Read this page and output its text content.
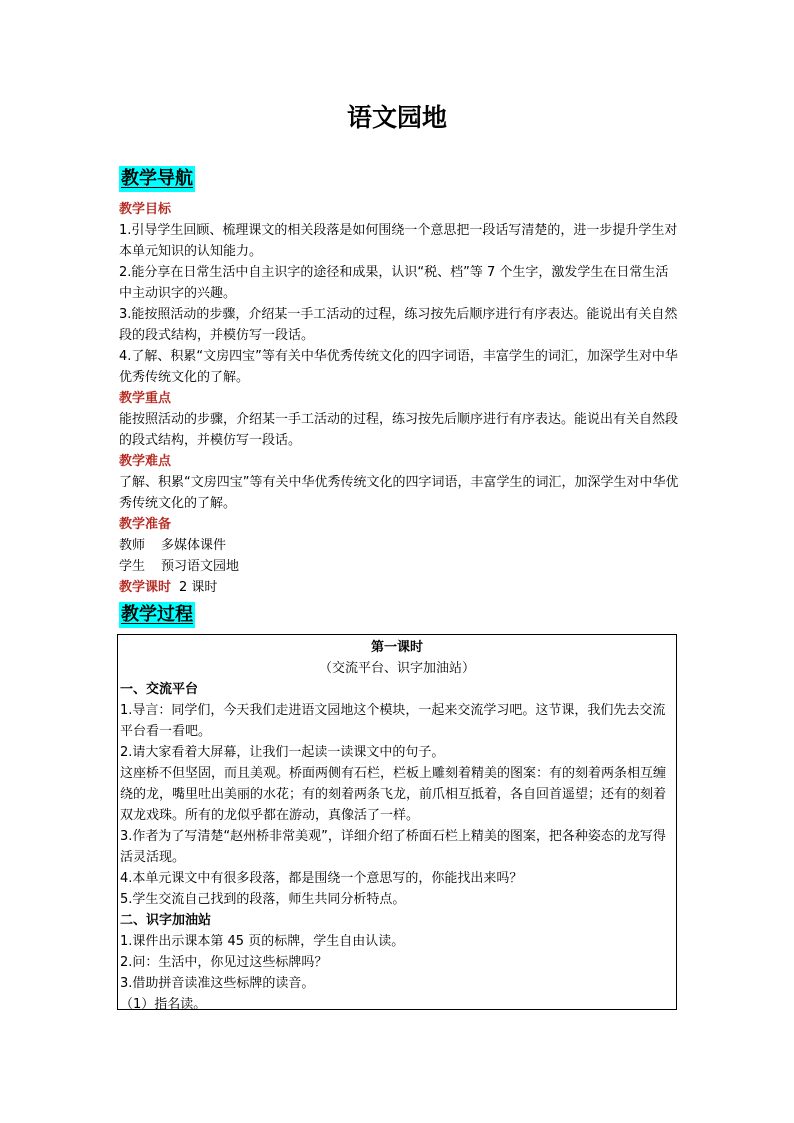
语文园地
教学导航

教学目标

1.引导学生回顾、梳理课文的相关段落是如何围绕一个意思把一段话写清楚的，进一步提升学生对本单元知识的认知能力。

2.能分享在日常生活中自主识字的途径和成果，认识“税、档”等 7 个生字，激发学生在日常生活中主动识字的兴趣。

3.能按照活动的步骤，介绍某一手工活动的过程，练习按先后顺序进行有序表达。能说出有关自然段的段式结构，并模仿写一段话。

4.了解、积累“文房四宝”等有关中华优秀传统文化的四字词语，丰富学生的词汇，加深学生对中华优秀传统文化的了解。

教学重点

能按照活动的步骤，介绍某一手工活动的过程，练习按先后顺序进行有序表达。能说出有关自然段的段式结构，并模仿写一段话。

教学难点

了解、积累“文房四宝”等有关中华优秀传统文化的四字词语，丰富学生的词汇，加深学生对中华优秀传统文化的了解。

教学准备

教师 多媒体课件

学生 预习语文园地

教学课时 2 课时

教学过程

第一课时

（交流平台、识字加油站）

一、交流平台

1.导言：同学们，今天我们走进语文园地这个模块，一起来交流学习吧。这节课，我们先去交流平台看一看吧。

2.请大家看着大屏幕，让我们一起读一读课文中的句子。

这座桥不但坚固，而且美观。桥面两侧有石栏，栏板上雕刻着精美的图案：有的刻着两条相互缠绕的龙，嘴里吐出美丽的水花；有的刻着两条飞龙，前爪相互抵着，各自回首遥望；还有的刻着双龙戏珠。所有的龙似乎都在游动，真像活了一样。

3.作者为了写清楚“赵州桥非常美观”，详细介绍了桥面石栏上精美的图案，把各种姿态的龙写得活灵活现。

4.本单元课文中有很多段落，都是围绕一个意思写的，你能找出来吗？

5.学生交流自己找到的段落，师生共同分析特点。

二、识字加油站

1.课件出示课本第 45 页的标牌，学生自由认读。

2.问：生活中，你见过这些标牌吗？

3.借助拼音读准这些标牌的读音。

（1）指名读。
